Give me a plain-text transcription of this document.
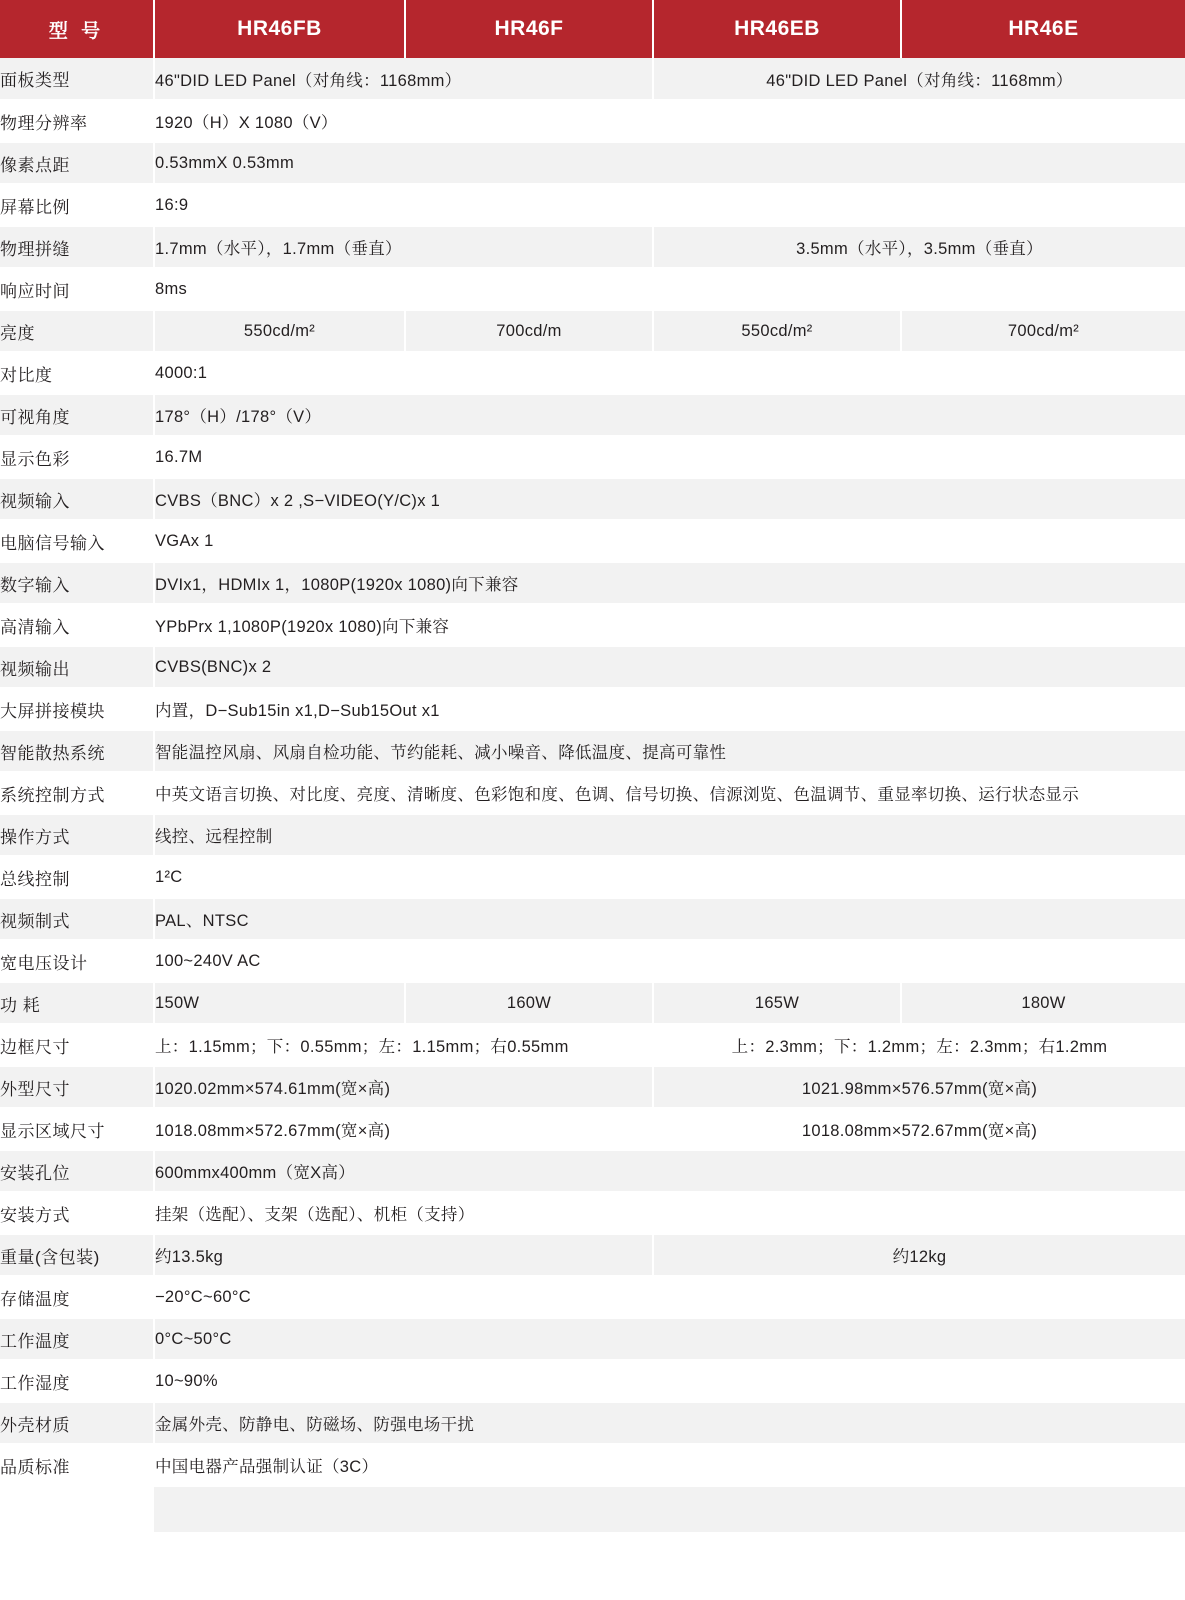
型 号	HR46FB	HR46F	HR46EB	HR46E
面板类型	46"DID LED Panel（对角线：1168mm）		46"DID LED Panel（对角线：1168mm）	
物理分辨率	1920（H）X 1080（V）			
像素点距	0.53mmX 0.53mm			
屏幕比例	16:9			
物理拼缝	1.7mm（水平），1.7mm（垂直）		3.5mm（水平），3.5mm（垂直）	
响应时间	8ms			
亮度	550cd/m²	700cd/m	550cd/m²	700cd/m²
对比度	4000:1			
可视角度	178°（H）/178°（V）			
显示色彩	16.7M			
视频输入	CVBS（BNC）x 2 ,S−VIDEO(Y/C)x 1			
电脑信号输入	VGAx 1			
数字输入	DVIx1，HDMIx 1，1080P(1920x 1080)向下兼容			
高清输入	YPbPrx 1,1080P(1920x 1080)向下兼容			
视频输出	CVBS(BNC)x 2			
大屏拼接模块	内置，D−Sub15in x1,D−Sub15Out x1			
智能散热系统	智能温控风扇、风扇自检功能、节约能耗、减小噪音、降低温度、提高可靠性			
系统控制方式	中英文语言切换、对比度、亮度、清晰度、色彩饱和度、色调、信号切换、信源浏览、色温调节、重显率切换、运行状态显示			
操作方式	线控、远程控制			
总线控制	1²C			
视频制式	PAL、NTSC			
宽电压设计	100~240V AC			
功 耗	150W	160W	165W	180W
边框尺寸	上：1.15mm；下：0.55mm；左：1.15mm；右0.55mm		上：2.3mm；下：1.2mm；左：2.3mm；右1.2mm	
外型尺寸	1020.02mm×574.61mm(宽×高)		1021.98mm×576.57mm(宽×高)	
显示区域尺寸	1018.08mm×572.67mm(宽×高)		1018.08mm×572.67mm(宽×高)	
安装孔位	600mmx400mm（宽X高）			
安装方式	挂架（选配）、支架（选配）、机柜（支持）			
重量(含包装)	约13.5kg		约12kg	
存储温度	−20°C~60°C			
工作温度	0°C~50°C			
工作湿度	10~90%			
外壳材质	金属外壳、防静电、防磁场、防强电场干扰			
品质标准	中国电器产品强制认证（3C）			
